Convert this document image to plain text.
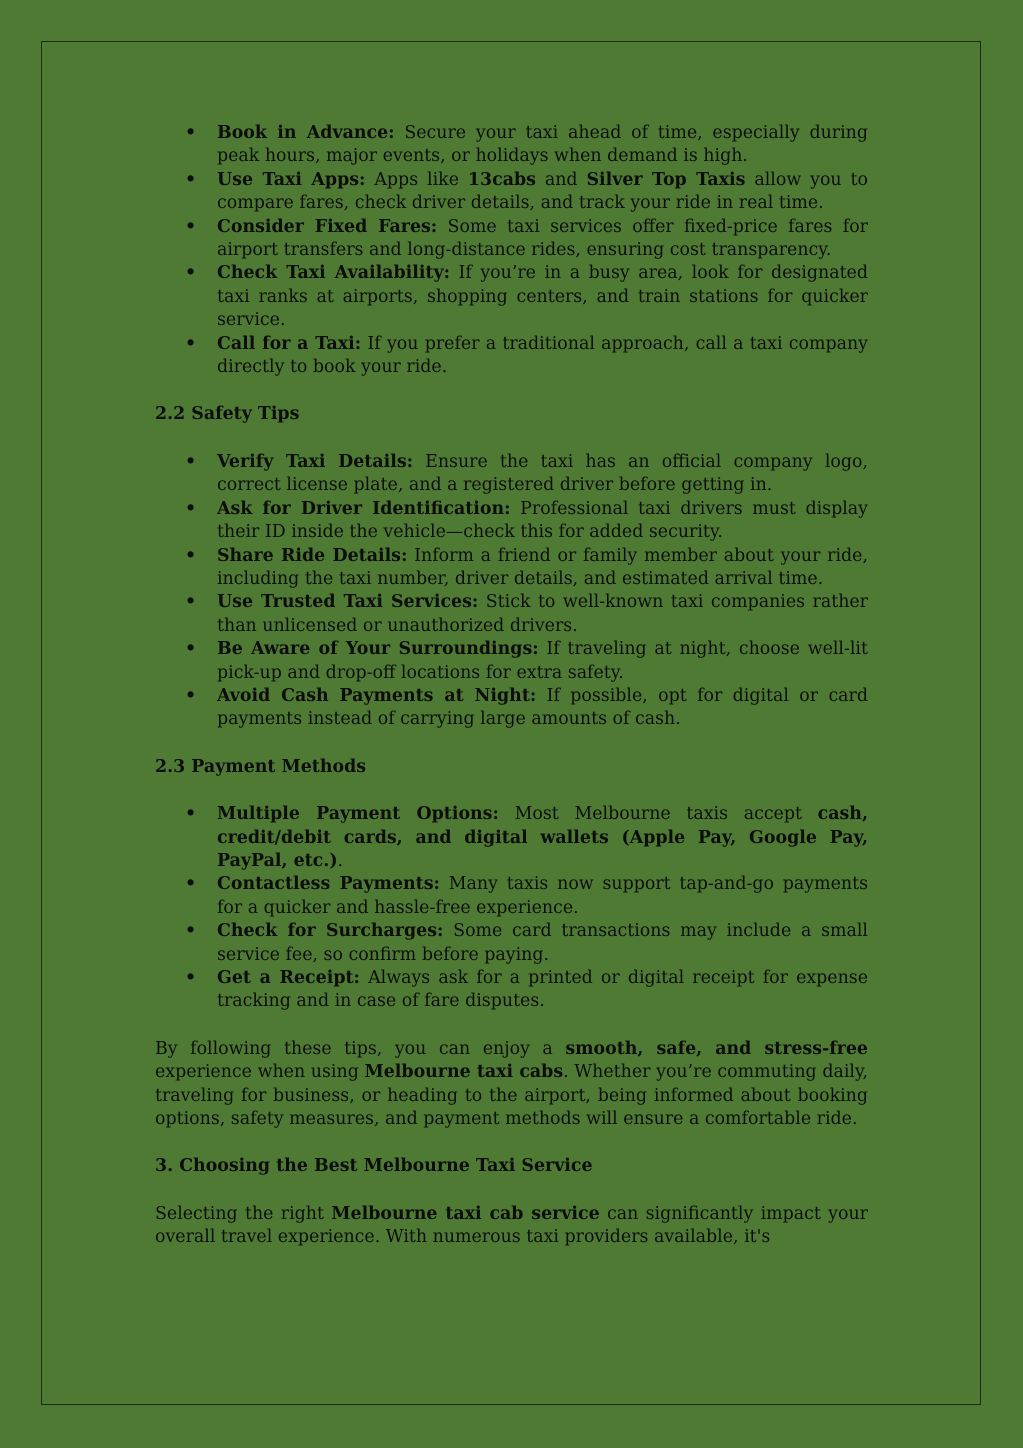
• Book in Advance: Secure your taxi ahead of time, especially during peak hours, major events, or holidays when demand is high.
• Use Taxi Apps: Apps like 13cabs and Silver Top Taxis allow you to compare fares, check driver details, and track your ride in real time.
• Consider Fixed Fares: Some taxi services offer fixed-price fares for airport transfers and long-distance rides, ensuring cost transparency.
• Check Taxi Availability: If you’re in a busy area, look for designated taxi ranks at airports, shopping centers, and train stations for quicker service.
• Call for a Taxi: If you prefer a traditional approach, call a taxi company directly to book your ride.
2.2 Safety Tips
• Verify Taxi Details: Ensure the taxi has an official company logo, correct license plate, and a registered driver before getting in.
• Ask for Driver Identification: Professional taxi drivers must display their ID inside the vehicle—check this for added security.
• Share Ride Details: Inform a friend or family member about your ride, including the taxi number, driver details, and estimated arrival time.
• Use Trusted Taxi Services: Stick to well-known taxi companies rather than unlicensed or unauthorized drivers.
• Be Aware of Your Surroundings: If traveling at night, choose well-lit pick-up and drop-off locations for extra safety.
• Avoid Cash Payments at Night: If possible, opt for digital or card payments instead of carrying large amounts of cash.
2.3 Payment Methods
• Multiple Payment Options: Most Melbourne taxis accept cash, credit/debit cards, and digital wallets (Apple Pay, Google Pay, PayPal, etc.).
• Contactless Payments: Many taxis now support tap-and-go payments for a quicker and hassle-free experience.
• Check for Surcharges: Some card transactions may include a small service fee, so confirm before paying.
• Get a Receipt: Always ask for a printed or digital receipt for expense tracking and in case of fare disputes.

By following these tips, you can enjoy a smooth, safe, and stress-free experience when using Melbourne taxi cabs. Whether you’re commuting daily, traveling for business, or heading to the airport, being informed about booking options, safety measures, and payment methods will ensure a comfortable ride.

3. Choosing the Best Melbourne Taxi Service

Selecting the right Melbourne taxi cab service can significantly impact your overall travel experience. With numerous taxi providers available, it's
